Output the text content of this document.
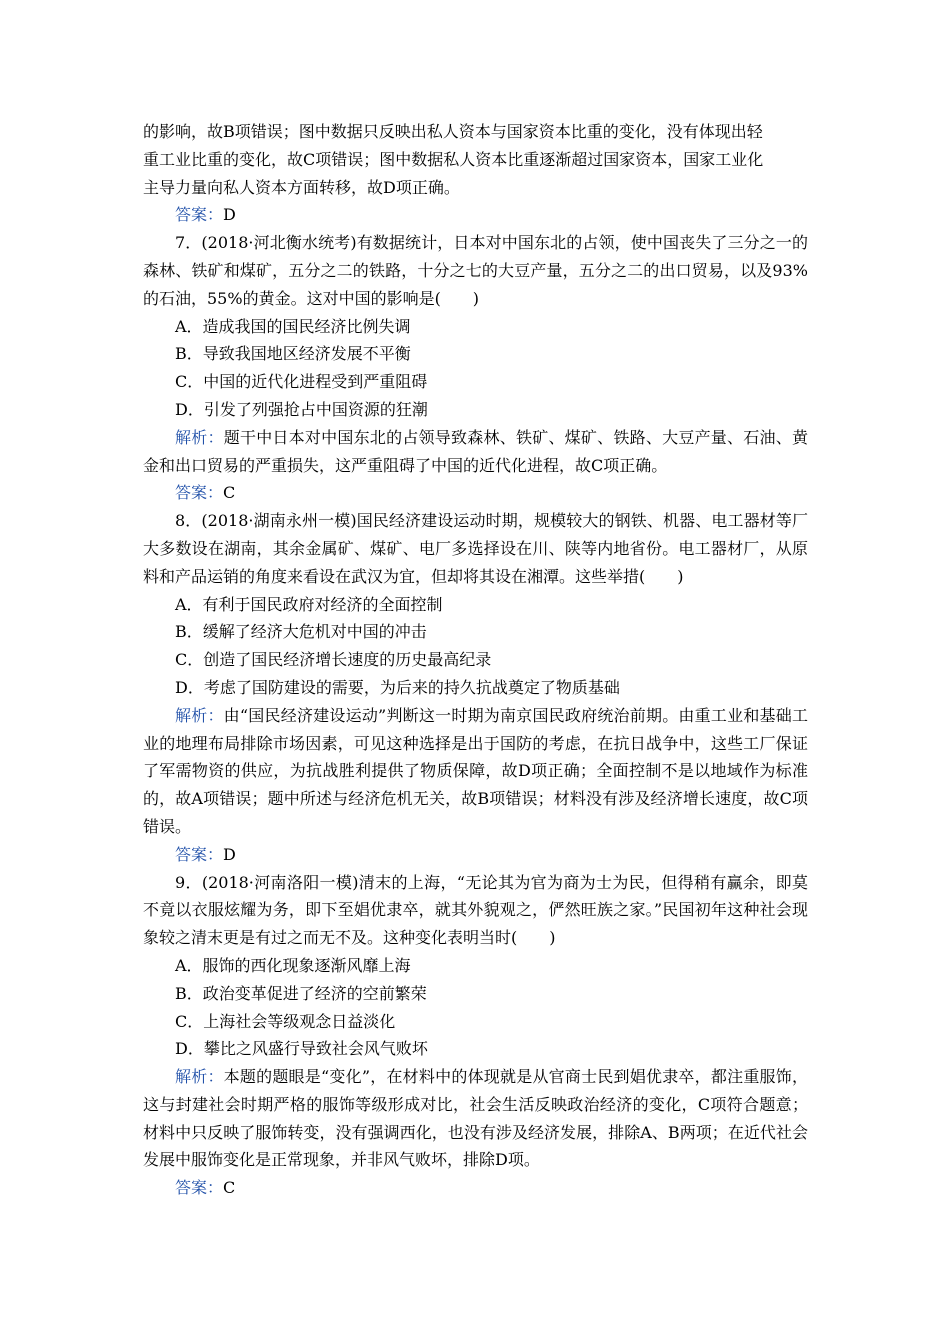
的影响，故B项错误；图中数据只反映出私人资本与国家资本比重的变化，没有体现出轻

重工业比重的变化，故C项错误；图中数据私人资本比重逐渐超过国家资本，国家工业化

主导力量向私人资本方面转移，故D项正确。

答案：D

7．(2018·河北衡水统考)有数据统计，日本对中国东北的占领，使中国丧失了三分之一的森林、铁矿和煤矿，五分之二的铁路，十分之七的大豆产量，五分之二的出口贸易，以及93%的石油，55%的黄金。这对中国的影响是(　　)

A．造成我国的国民经济比例失调

B．导致我国地区经济发展不平衡

C．中国的近代化进程受到严重阻碍

D．引发了列强抢占中国资源的狂潮

解析：题干中日本对中国东北的占领导致森林、铁矿、煤矿、铁路、大豆产量、石油、黄金和出口贸易的严重损失，这严重阻碍了中国的近代化进程，故C项正确。

答案：C

8．(2018·湖南永州一模)国民经济建设运动时期，规模较大的钢铁、机器、电工器材等厂大多数设在湖南，其余金属矿、煤矿、电厂多选择设在川、陕等内地省份。电工器材厂，从原料和产品运销的角度来看设在武汉为宜，但却将其设在湘潭。这些举措(　　)

A．有利于国民政府对经济的全面控制

B．缓解了经济大危机对中国的冲击

C．创造了国民经济增长速度的历史最高纪录

D．考虑了国防建设的需要，为后来的持久抗战奠定了物质基础

解析：由“国民经济建设运动”判断这一时期为南京国民政府统治前期。由重工业和基础工业的地理布局排除市场因素，可见这种选择是出于国防的考虑，在抗日战争中，这些工厂保证了军需物资的供应，为抗战胜利提供了物质保障，故D项正确；全面控制不是以地域作为标准的，故A项错误；题中所述与经济危机无关，故B项错误；材料没有涉及经济增长速度，故C项错误。

答案：D

9．(2018·河南洛阳一模)清末的上海，“无论其为官为商为士为民，但得稍有赢余，即莫不竟以衣服炫耀为务，即下至娼优隶卒，就其外貌观之，俨然旺族之家。”民国初年这种社会现象较之清末更是有过之而无不及。这种变化表明当时(　　)

A．服饰的西化现象逐渐风靡上海

B．政治变革促进了经济的空前繁荣

C．上海社会等级观念日益淡化

D．攀比之风盛行导致社会风气败坏

解析：本题的题眼是“变化”，在材料中的体现就是从官商士民到娼优隶卒，都注重服饰，这与封建社会时期严格的服饰等级形成对比，社会生活反映政治经济的变化，C项符合题意；材料中只反映了服饰转变，没有强调西化，也没有涉及经济发展，排除A、B两项；在近代社会发展中服饰变化是正常现象，并非风气败坏，排除D项。

答案：C
